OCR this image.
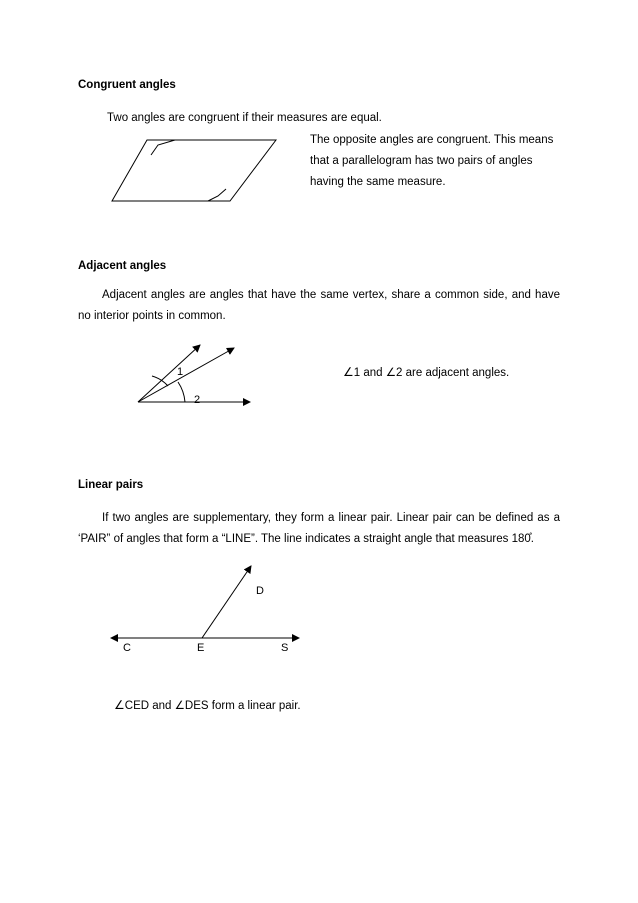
Congruent angles
Two angles are congruent if their measures are equal.
The opposite angles are congruent. This means
that a parallelogram has two pairs of angles
having the same measure.
Adjacent angles
Adjacent angles are angles that have the same vertex, share a common side, and have
no interior points in common.
1
2
∠1 and ∠2 are adjacent angles.
Linear pairs
If two angles are supplementary, they form a linear pair. Linear pair can be defined as a
‘PAIR” of angles that form a “LINE”. The line indicates a straight angle that measures 180̊.
D
C	E	S
∠CED and ∠DES form a linear pair.
